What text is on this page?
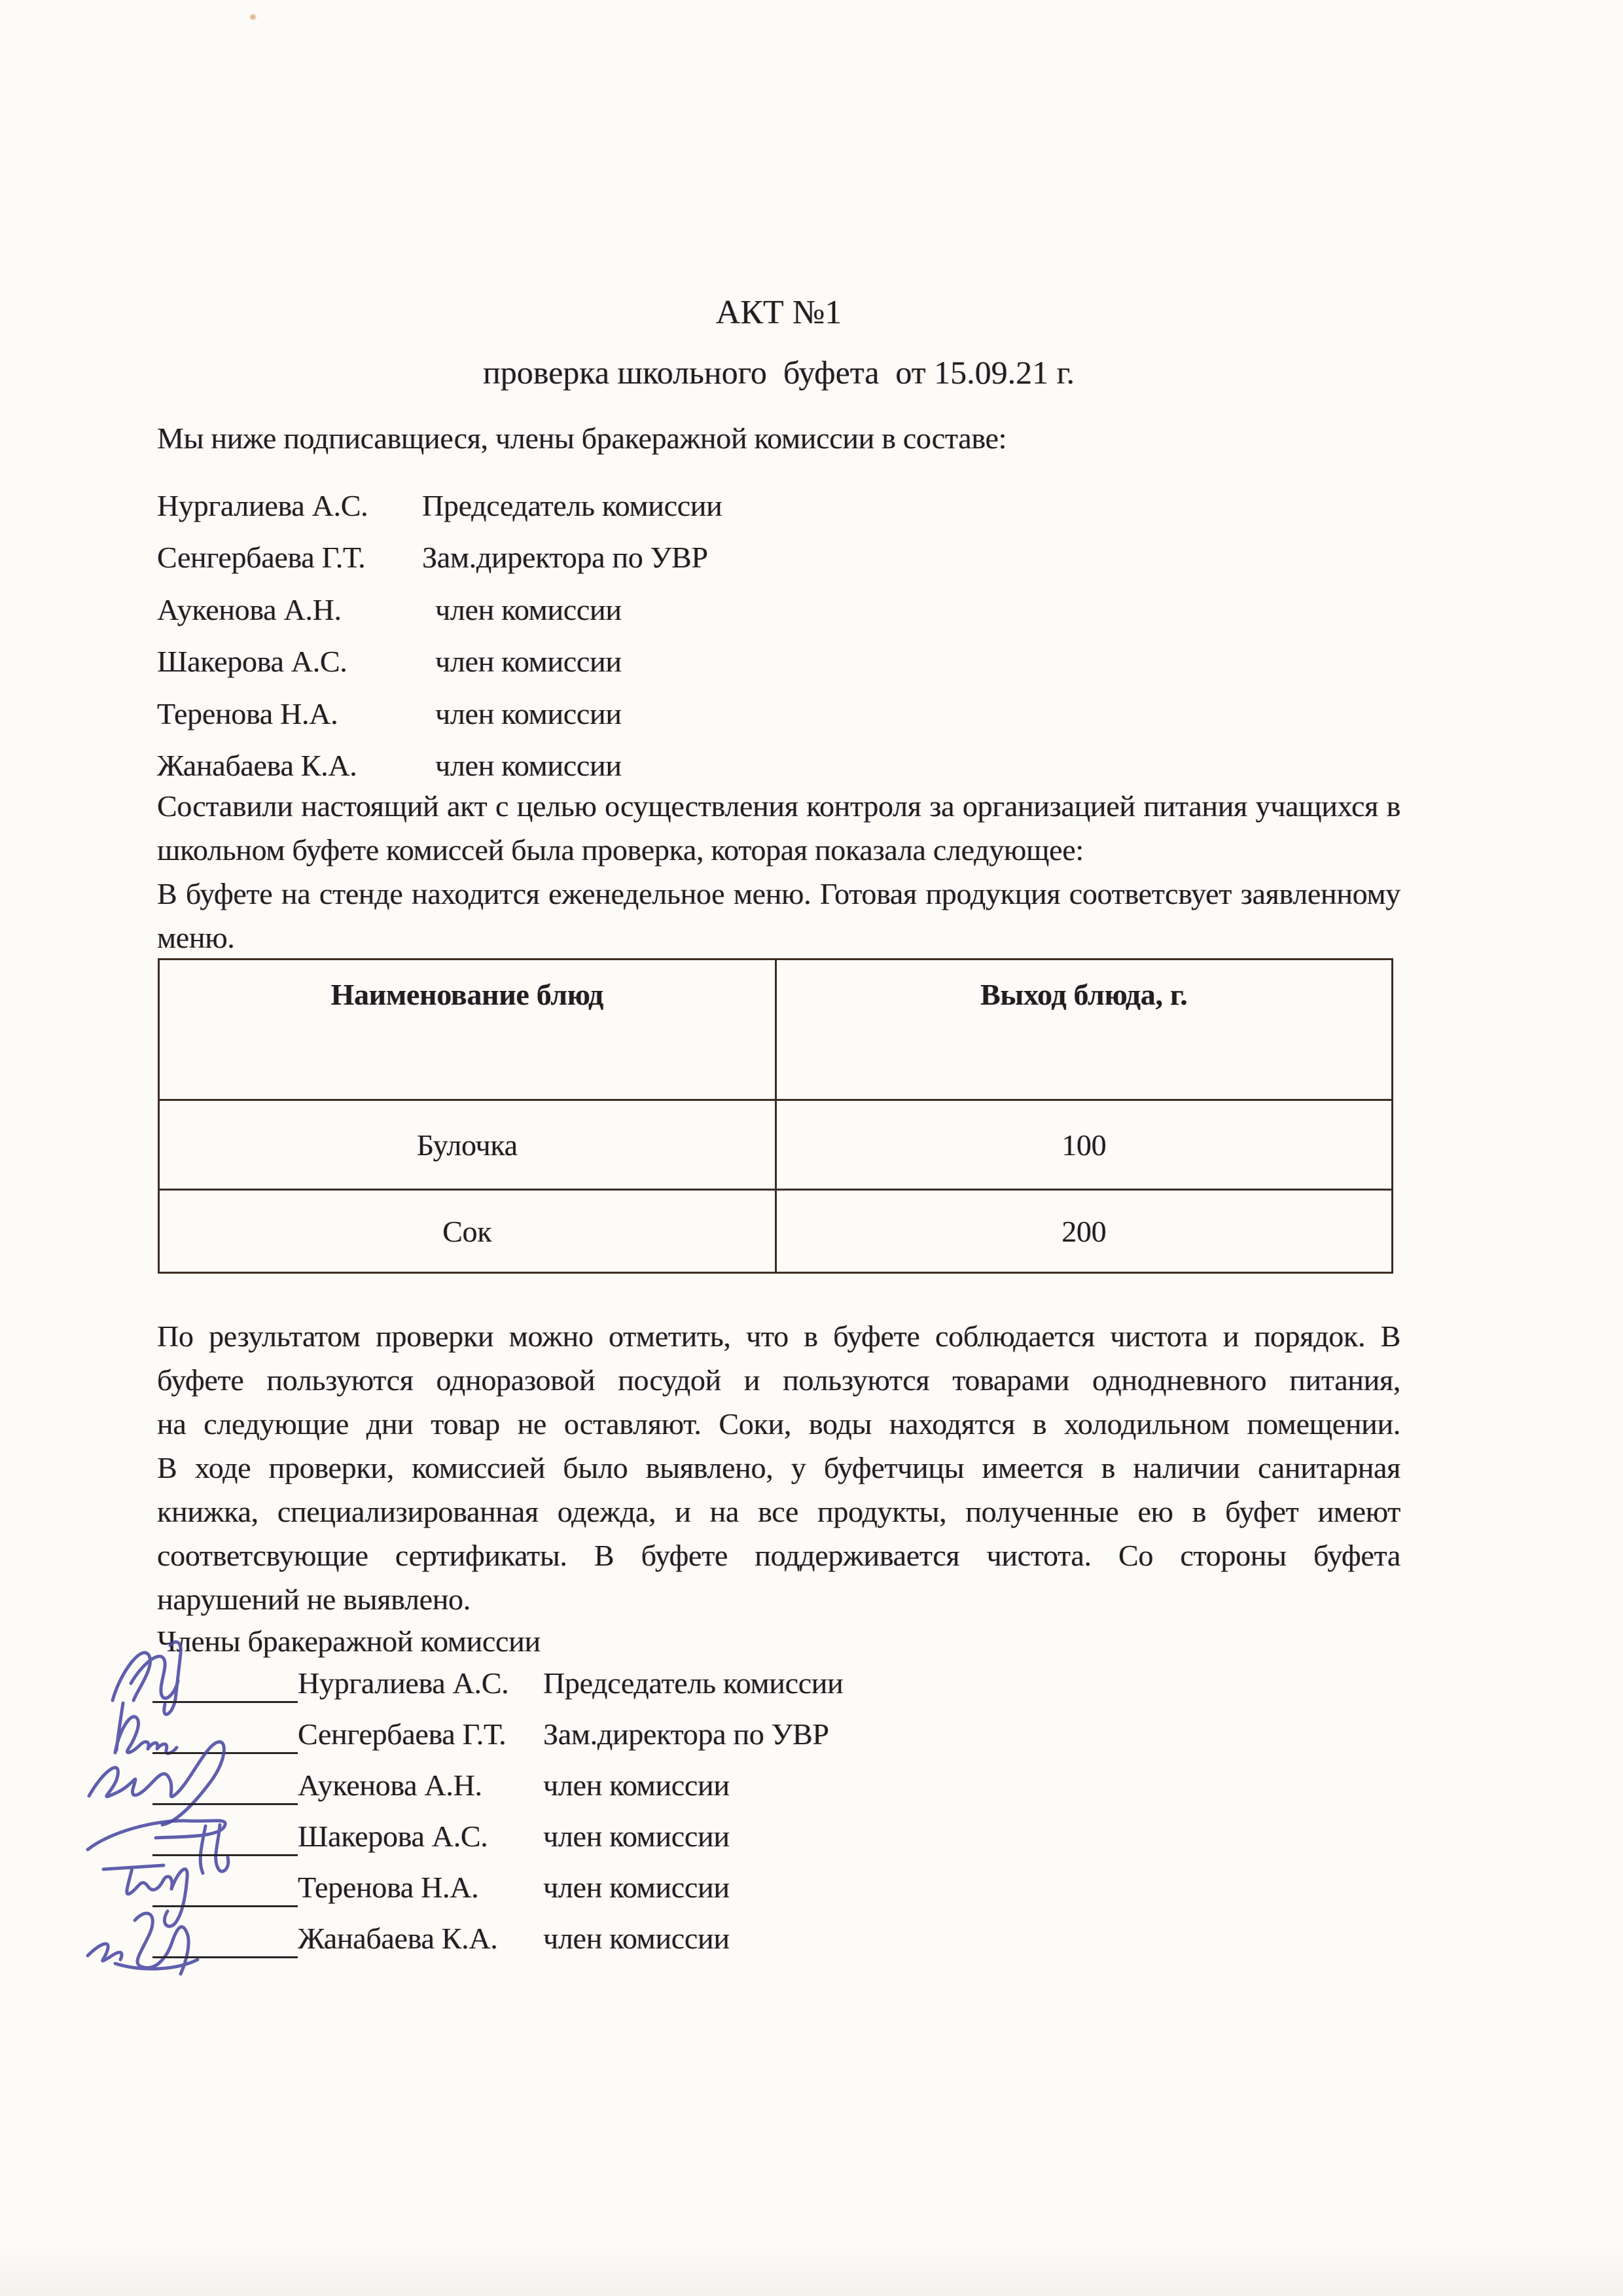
АКТ №1
проверка школьного  буфета  от 15.09.21 г.
Мы ниже подписавщиеся, члены бракеражной комиссии в составе:
Нургалиева А.С. Председатель комиссии
Сенгербаева Г.Т. Зам.директора по УВР
Аукенова А.Н.	член комиссии
Шакерова А.С.	член комиссии
Теренова Н.А.	член комиссии
Жанабаева К.А.	член комиссии
Составили настоящий акт с целью осуществления контроля за организацией питания учащихся в
школьном буфете комиссей была проверка, которая показала следующее:
В буфете на стенде находится еженедельное меню. Готовая продукция соответсвует заявленному
меню.
Наименование блюд	Выход блюда, г.
Булочка	100
Сок	200
По результатом проверки можно отметить, что в буфете соблюдается чистота и порядок. В
буфете пользуются одноразовой посудой и пользуются товарами однодневного питания,
на следующие дни товар не оставляют. Соки, воды находятся в холодильном помещении.
В ходе проверки, комиссией было выявлено, у буфетчицы имеется в наличии санитарная
книжка, специализированная одежда, и на все продукты, полученные ею в буфет имеют
соответсвующие сертификаты. В буфете поддерживается чистота. Со стороны буфета
нарушений не выявлено.
Члены бракеражной комиссии
Нургалиева А.С. Председатель комиссии
Сенгербаева Г.Т. Зам.директора по УВР
Аукенова А.Н. член комиссии
Шакерова А.С. член комиссии
Теренова Н.А. член комиссии
Жанабаева К.А. член комиссии
